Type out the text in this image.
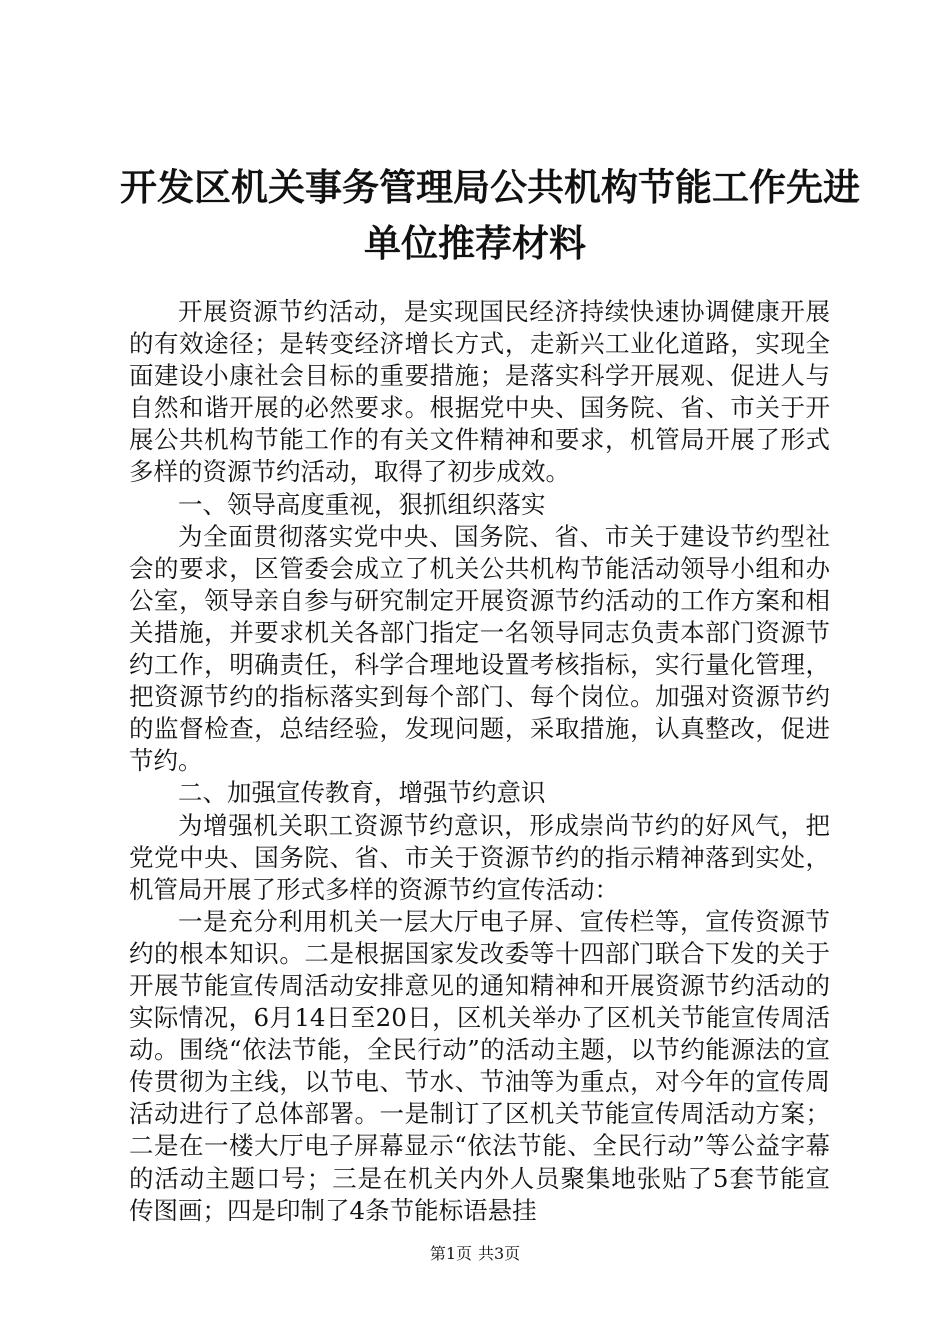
开发区机关事务管理局公共机构节能工作先进
单位推荐材料

开展资源节约活动，是实现国民经济持续快速协调健康开展的有效途径；是转变经济增长方式，走新兴工业化道路，实现全面建设小康社会目标的重要措施；是落实科学开展观、促进人与自然和谐开展的必然要求。根据党中央、国务院、省、市关于开展公共机构节能工作的有关文件精神和要求，机管局开展了形式多样的资源节约活动，取得了初步成效。

一、领导高度重视，狠抓组织落实

为全面贯彻落实党中央、国务院、省、市关于建设节约型社会的要求，区管委会成立了机关公共机构节能活动领导小组和办公室，领导亲自参与研究制定开展资源节约活动的工作方案和相关措施，并要求机关各部门指定一名领导同志负责本部门资源节约工作，明确责任，科学合理地设置考核指标，实行量化管理，把资源节约的指标落实到每个部门、每个岗位。加强对资源节约的监督检查，总结经验，发现问题，采取措施，认真整改，促进节约。

二、加强宣传教育，增强节约意识

为增强机关职工资源节约意识，形成崇尚节约的好风气，把党党中央、国务院、省、市关于资源节约的指示精神落到实处，机管局开展了形式多样的资源节约宣传活动：

一是充分利用机关一层大厅电子屏、宣传栏等，宣传资源节约的根本知识。二是根据国家发改委等十四部门联合下发的关于开展节能宣传周活动安排意见的通知精神和开展资源节约活动的实际情况，6月14日至20日，区机关举办了区机关节能宣传周活动。围绕“依法节能，全民行动”的活动主题，以节约能源法的宣传贯彻为主线，以节电、节水、节油等为重点，对今年的宣传周活动进行了总体部署。一是制订了区机关节能宣传周活动方案；二是在一楼大厅电子屏幕显示“依法节能、全民行动”等公益字幕的活动主题口号；三是在机关内外人员聚集地张贴了5套节能宣传图画；四是印制了4条节能标语悬挂

第1页 共3页
